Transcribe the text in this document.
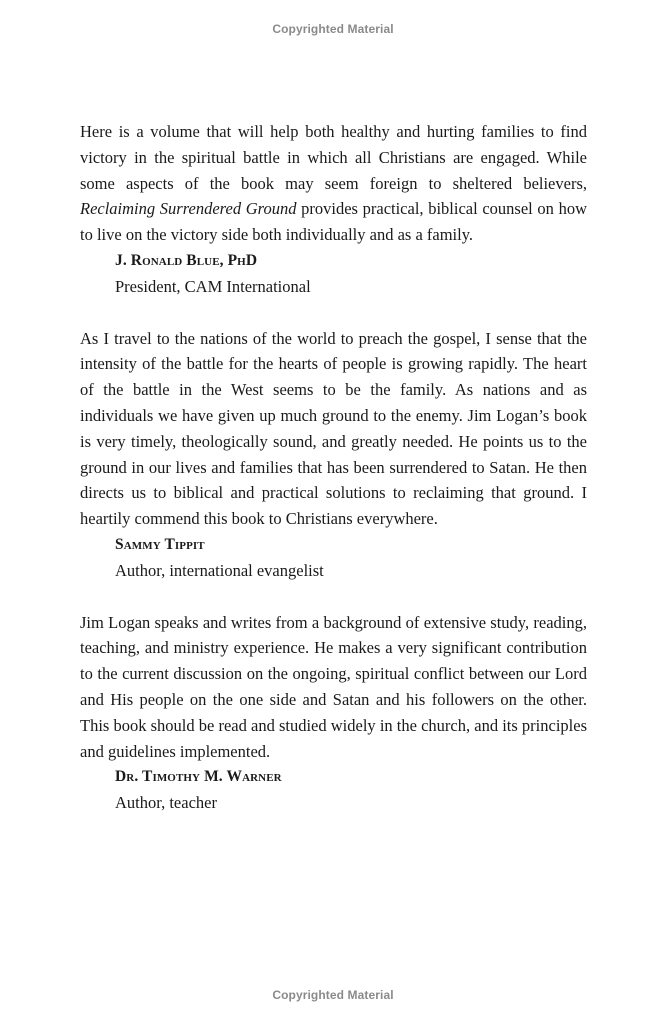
Copyrighted Material

Here is a volume that will help both healthy and hurting families to find victory in the spiritual battle in which all Christians are engaged. While some aspects of the book may seem foreign to sheltered believers, Reclaiming Surrendered Ground provides practical, biblical counsel on how to live on the victory side both individually and as a family.

J. Ronald Blue, PhD
President, CAM International

As I travel to the nations of the world to preach the gospel, I sense that the intensity of the battle for the hearts of people is growing rapidly. The heart of the battle in the West seems to be the family. As nations and as individuals we have given up much ground to the enemy. Jim Logan’s book is very timely, theologically sound, and greatly needed. He points us to the ground in our lives and families that has been surrendered to Satan. He then directs us to biblical and practical solutions to reclaiming that ground. I heartily commend this book to Christians everywhere.

Sammy Tippit
Author, international evangelist

Jim Logan speaks and writes from a background of extensive study, reading, teaching, and ministry experience. He makes a very significant contribution to the current discussion on the ongoing, spiritual conflict between our Lord and His people on the one side and Satan and his followers on the other. This book should be read and studied widely in the church, and its principles and guidelines implemented.

Dr. Timothy M. Warner
Author, teacher
Copyrighted Material
